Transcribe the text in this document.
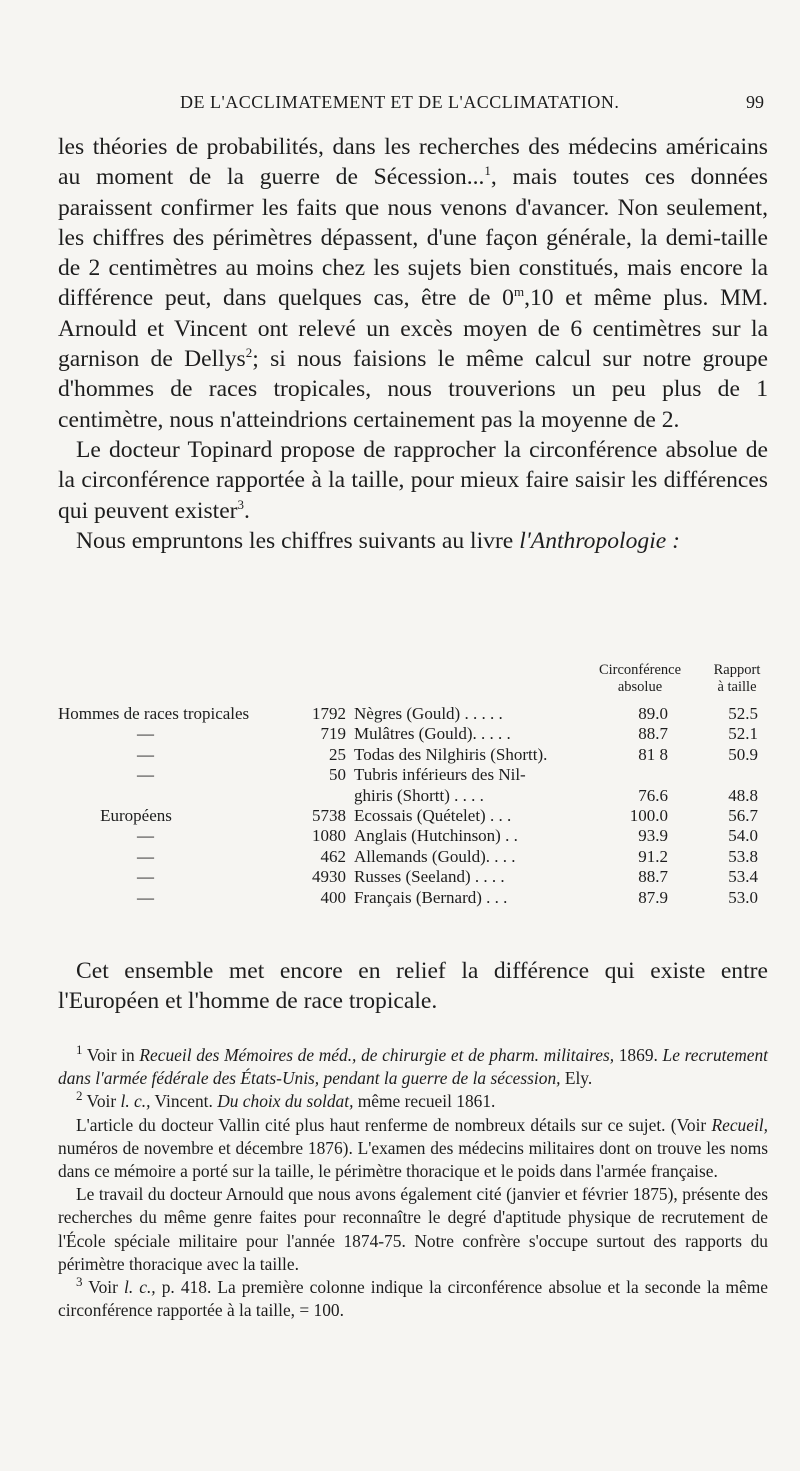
DE L'ACCLIMATEMENT ET DE L'ACCLIMATATION.	99

les théories de probabilités, dans les recherches des médecins américains au moment de la guerre de Sécession...$^1$, mais toutes ces données paraissent confirmer les faits que nous venons d'avancer. Non seulement, les chiffres des périmètres dépassent, d'une façon générale, la demi-taille de 2 centimètres au moins chez les sujets bien constitués, mais encore la différence peut, dans quelques cas, être de 0$^m$,10 et même plus. MM. Arnould et Vincent ont relevé un excès moyen de 6 centimètres sur la garnison de Dellys$^2$; si nous faisions le même calcul sur notre groupe d'hommes de races tropicales, nous trouverions un peu plus de 1 centimètre, nous n'atteindrions certainement pas la moyenne de 2.

Le docteur Topinard propose de rapprocher la circonférence absolue de la circonférence rapportée à la taille, pour mieux faire saisir les différences qui peuvent exister$^3$.

Nous empruntons les chiffres suivants au livre l'Anthropologie :

Circonférence
absolue
Rapport
à taille
Hommes de races tropicales	1792 Nègres (Gould) . . . . .	89.0	52.5
—	719 Mulâtres (Gould). . . . .	88.7	52.1
—	25 Todas des Nilghiris (Shortt).	81 8	50.9
—	50 Tubris inférieurs des Nil-
ghiris (Shortt) . . . .	76.6	48.8
Européens	5738 Ecossais (Quételet) . . .	100.0	56.7
—	1080 Anglais (Hutchinson) . .	93.9	54.0
—	462 Allemands (Gould). . . .	91.2	53.8
—	4930 Russes (Seeland) . . . .	88.7	53.4
—	400 Français (Bernard) . . .	87.9	53.0

Cet ensemble met encore en relief la différence qui existe entre l'Européen et l'homme de race tropicale.

$^1$ Voir in Recueil des Mémoires de méd., de chirurgie et de pharm. militaires, 1869. Le recrutement dans l'armée fédérale des États-Unis, pendant la guerre de la sécession, Ely.

$^2$ Voir l. c., Vincent. Du choix du soldat, même recueil 1861.

L'article du docteur Vallin cité plus haut renferme de nombreux détails sur ce sujet. (Voir Recueil, numéros de novembre et décembre 1876). L'examen des médecins militaires dont on trouve les noms dans ce mémoire a porté sur la taille, le périmètre thoracique et le poids dans l'armée française.

Le travail du docteur Arnould que nous avons également cité (janvier et février 1875), présente des recherches du même genre faites pour reconnaître le degré d'aptitude physique de recrutement de l'École spéciale militaire pour l'année 1874-75. Notre confrère s'occupe surtout des rapports du périmètre thoracique avec la taille.

$^3$ Voir l. c., p. 418. La première colonne indique la circonférence absolue et la seconde la même circonférence rapportée à la taille, = 100.
